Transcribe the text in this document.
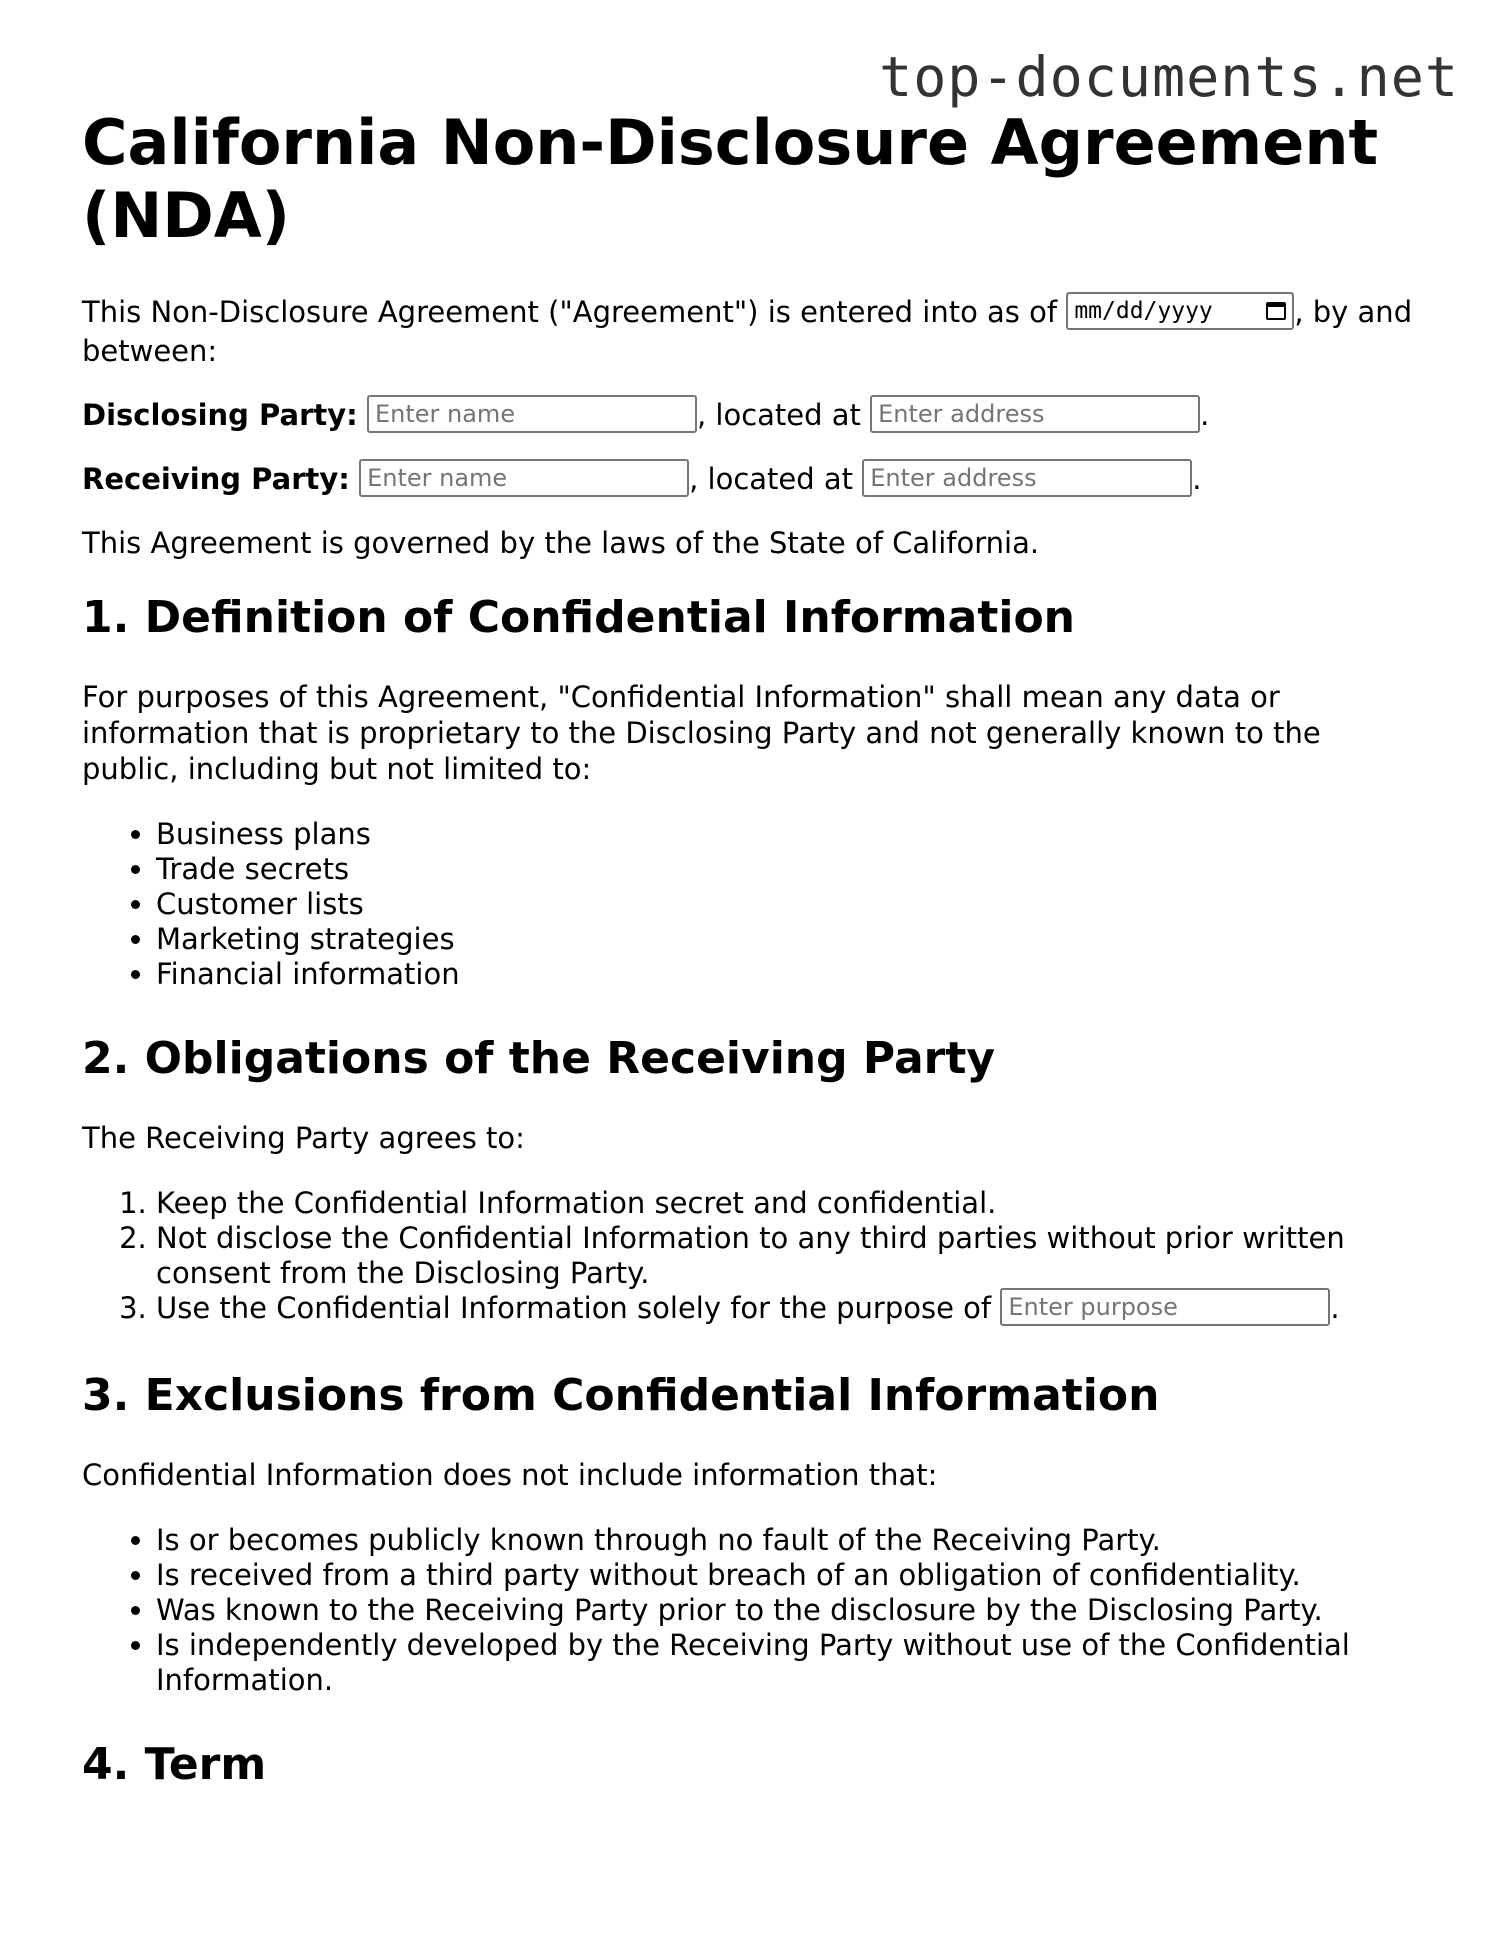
top-documents.net
California Non-Disclosure Agreement (NDA)

This Non-Disclosure Agreement ("Agreement") is entered into as of mm/dd/yyyy	, by and between:

Disclosing Party: Enter name	, located at Enter address	.

Receiving Party: Enter name	, located at Enter address	.

This Agreement is governed by the laws of the State of California.

1. Definition of Confidential Information

For purposes of this Agreement, "Confidential Information" shall mean any data or information that is proprietary to the Disclosing Party and not generally known to the public, including but not limited to:

• Business plans
• Trade secrets
• Customer lists
• Marketing strategies
• Financial information
2. Obligations of the Receiving Party

The Receiving Party agrees to:

1. Keep the Confidential Information secret and confidential.
2. Not disclose the Confidential Information to any third parties without prior written consent from the Disclosing Party.
3. Use the Confidential Information solely for the purpose of Enter purpose	.
3. Exclusions from Confidential Information

Confidential Information does not include information that:

• Is or becomes publicly known through no fault of the Receiving Party.
• Is received from a third party without breach of an obligation of confidentiality.
• Was known to the Receiving Party prior to the disclosure by the Disclosing Party.
• Is independently developed by the Receiving Party without use of the Confidential Information.
4. Term
